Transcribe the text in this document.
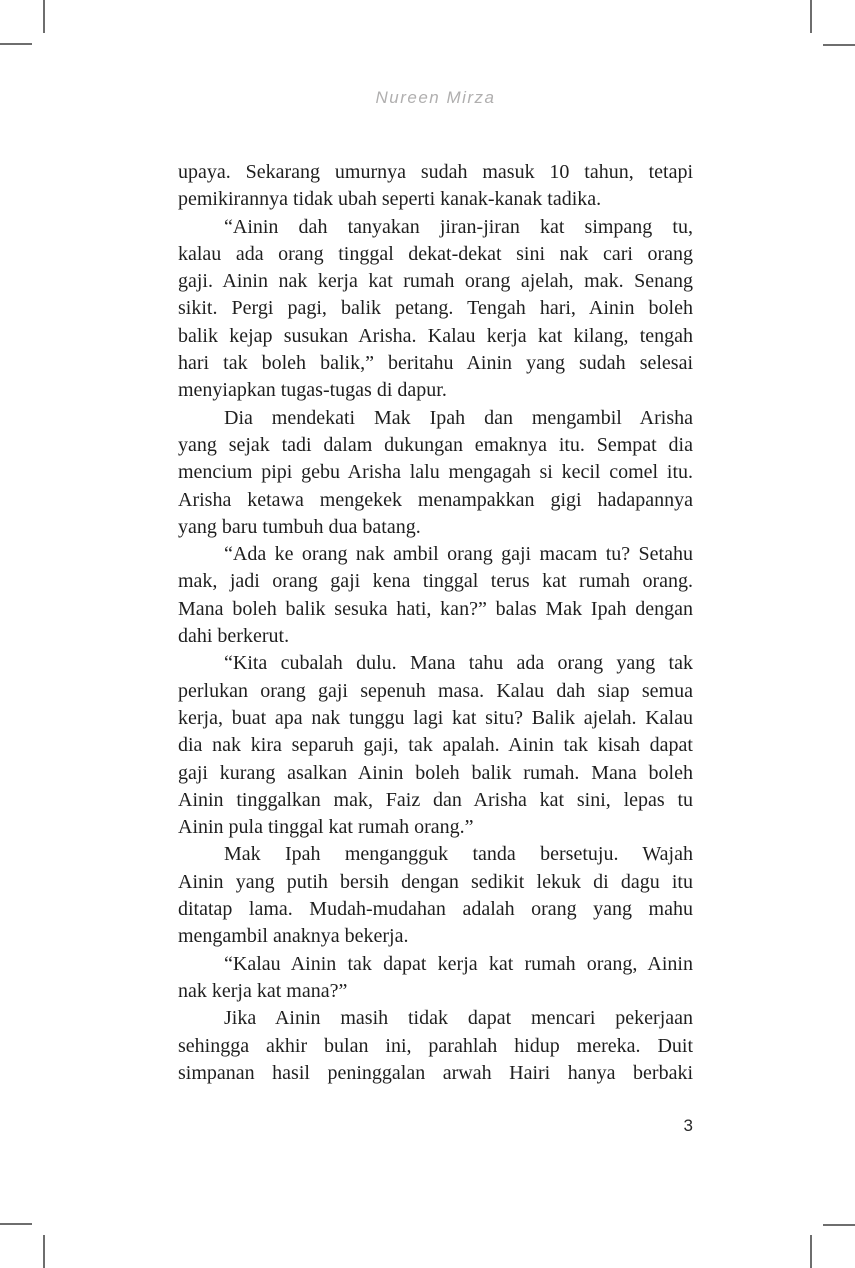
Nureen Mirza
upaya. Sekarang umurnya sudah masuk 10 tahun, tetapi
pemikirannya tidak ubah seperti kanak-kanak tadika.
“Ainin dah tanyakan jiran-jiran kat simpang tu,
kalau ada orang tinggal dekat-dekat sini nak cari orang
gaji. Ainin nak kerja kat rumah orang ajelah, mak. Senang
sikit. Pergi pagi, balik petang. Tengah hari, Ainin boleh
balik kejap susukan Arisha. Kalau kerja kat kilang, tengah
hari tak boleh balik,” beritahu Ainin yang sudah selesai
menyiapkan tugas-tugas di dapur.
Dia mendekati Mak Ipah dan mengambil Arisha
yang sejak tadi dalam dukungan emaknya itu. Sempat dia
mencium pipi gebu Arisha lalu mengagah si kecil comel itu.
Arisha ketawa mengekek menampakkan gigi hadapannya
yang baru tumbuh dua batang.
“Ada ke orang nak ambil orang gaji macam tu? Setahu
mak, jadi orang gaji kena tinggal terus kat rumah orang.
Mana boleh balik sesuka hati, kan?” balas Mak Ipah dengan
dahi berkerut.
“Kita cubalah dulu. Mana tahu ada orang yang tak
perlukan orang gaji sepenuh masa. Kalau dah siap semua
kerja, buat apa nak tunggu lagi kat situ? Balik ajelah. Kalau
dia nak kira separuh gaji, tak apalah. Ainin tak kisah dapat
gaji kurang asalkan Ainin boleh balik rumah. Mana boleh
Ainin tinggalkan mak, Faiz dan Arisha kat sini, lepas tu
Ainin pula tinggal kat rumah orang.”
Mak Ipah mengangguk tanda bersetuju. Wajah
Ainin yang putih bersih dengan sedikit lekuk di dagu itu
ditatap lama. Mudah-mudahan adalah orang yang mahu
mengambil anaknya bekerja.
“Kalau Ainin tak dapat kerja kat rumah orang, Ainin
nak kerja kat mana?”
Jika Ainin masih tidak dapat mencari pekerjaan
sehingga akhir bulan ini, parahlah hidup mereka. Duit
simpanan hasil peninggalan arwah Hairi hanya berbaki
3
